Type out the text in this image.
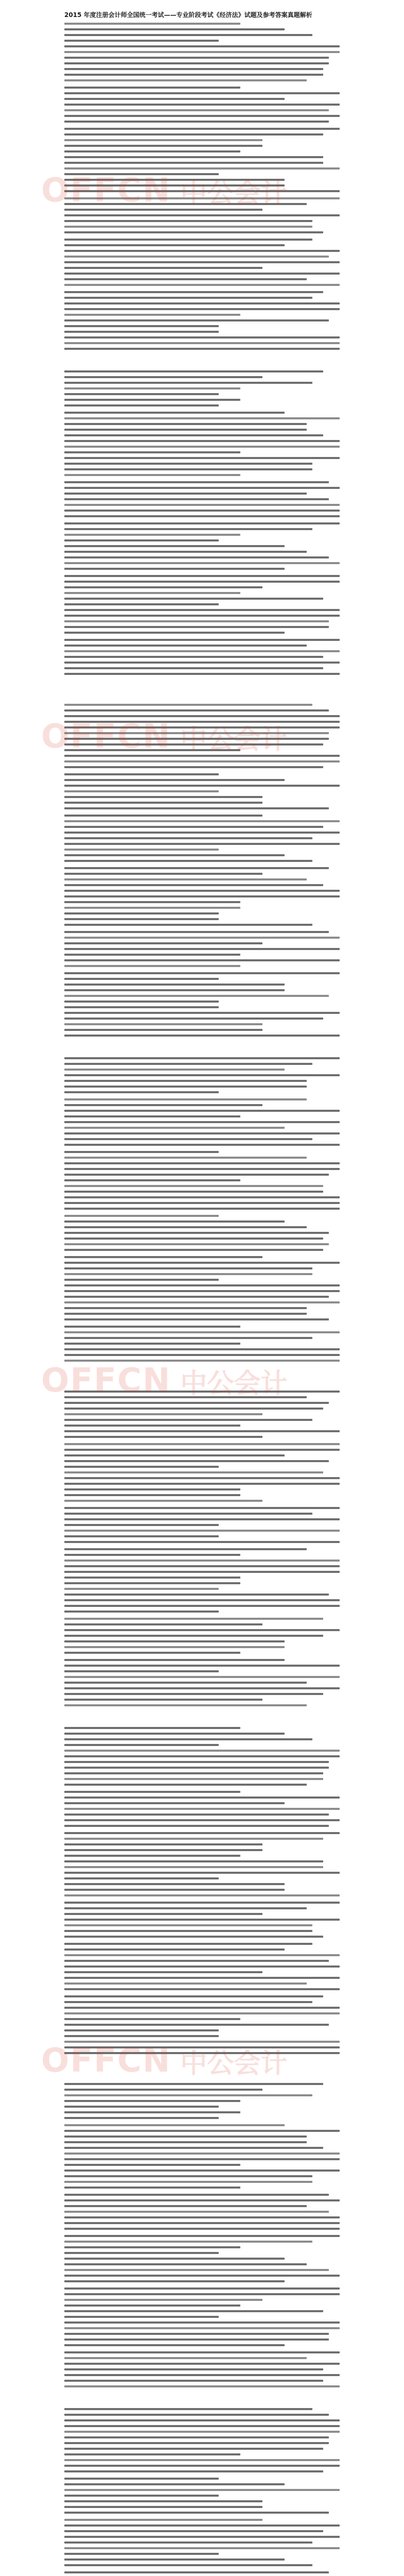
2015 年度注册会计师全国统一考试——专业阶段考试《经济法》试题及参考答案真题解析
中公会计
OFFCN
OFFCN 中公会计
OFFCN 中公会计
